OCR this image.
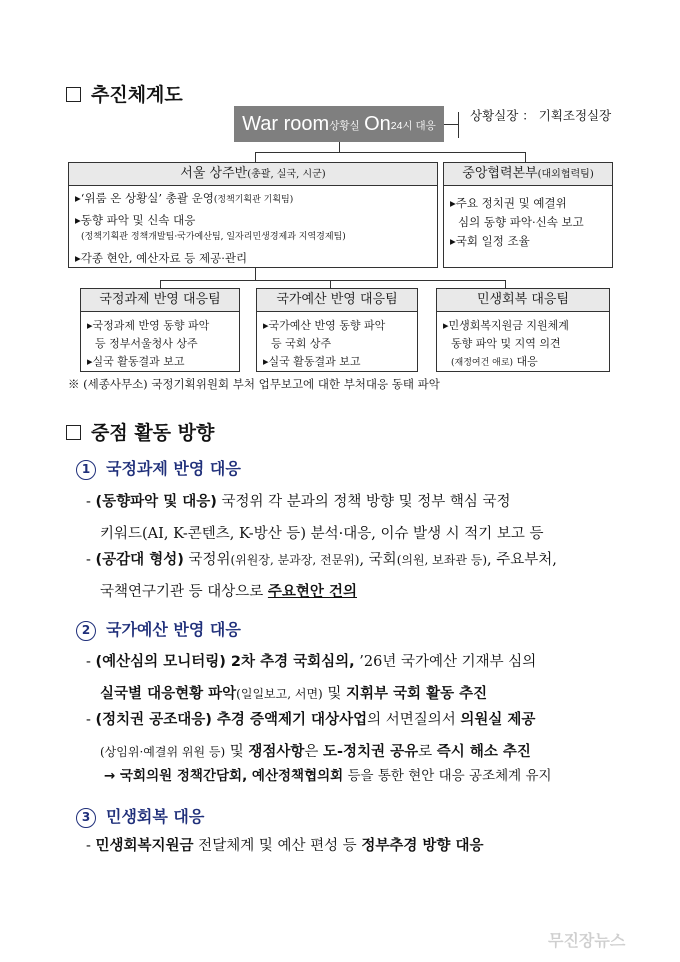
추진체계도
War room$^{상황실}$ $On^{24시 대응}$
상황실장 ： 기획조정실장
서울 상주반(총괄, 실국, 시군)
▸‘위룸 온 상황실’ 총괄 운영(정책기획관 기획팀)
▸동향 파악 및 신속 대응
(정책기획관 정책개발팀·국가예산팀, 일자리민생경제과 지역경제팀)
▸각종 현안, 예산자료 등 제공·관리
중앙협력본부(대외협력팀)
▸주요 정치권 및 예결위
심의 동향 파악·신속 보고
▸국회 일정 조율
국정과제 반영 대응팀
▸국정과제 반영 동향 파악
등 정부서울청사 상주
▸실국 활동결과 보고
국가예산 반영 대응팀
▸국가예산 반영 동향 파악
등 국회 상주
▸실국 활동결과 보고
민생회복 대응팀
▸민생회복지원금 지원체계
동향 파악 및 지역 의견
(재정여건 애로) 대응
※ (세종사무소) 국정기획위원회 부처 업무보고에 대한 부처대응 동태 파악
중점 활동 방향
1 국정과제 반영 대응
- (동향파악 및 대응) 국정위 각 분과의 정책 방향 및 정부 핵심 국정
키워드(AI, K-콘텐츠, K-방산 등) 분석·대응, 이슈 발생 시 적기 보고 등
- (공감대 형성) 국정위(위원장, 분과장, 전문위), 국회(의원, 보좌관 등), 주요부처,
국책연구기관 등 대상으로 주요현안 건의
2 국가예산 반영 대응
- (예산심의 모니터링) 2차 추경 국회심의, ’26년 국가예산 기재부 심의
실국별 대응현황 파악(일일보고, 서면) 및 지휘부 국회 활동 추진
- (정치권 공조대응) 추경 증액제기 대상사업의 서면질의서 의원실 제공
(상임위·예결위 위원 등) 및 쟁점사항은 도-정치권 공유로 즉시 해소 추진
→ 국회의원 정책간담회, 예산정책협의회 등을 통한 현안 대응 공조체계 유지
3 민생회복 대응
- 민생회복지원금 전달체계 및 예산 편성 등 정부추경 방향 대응
무진장뉴스
